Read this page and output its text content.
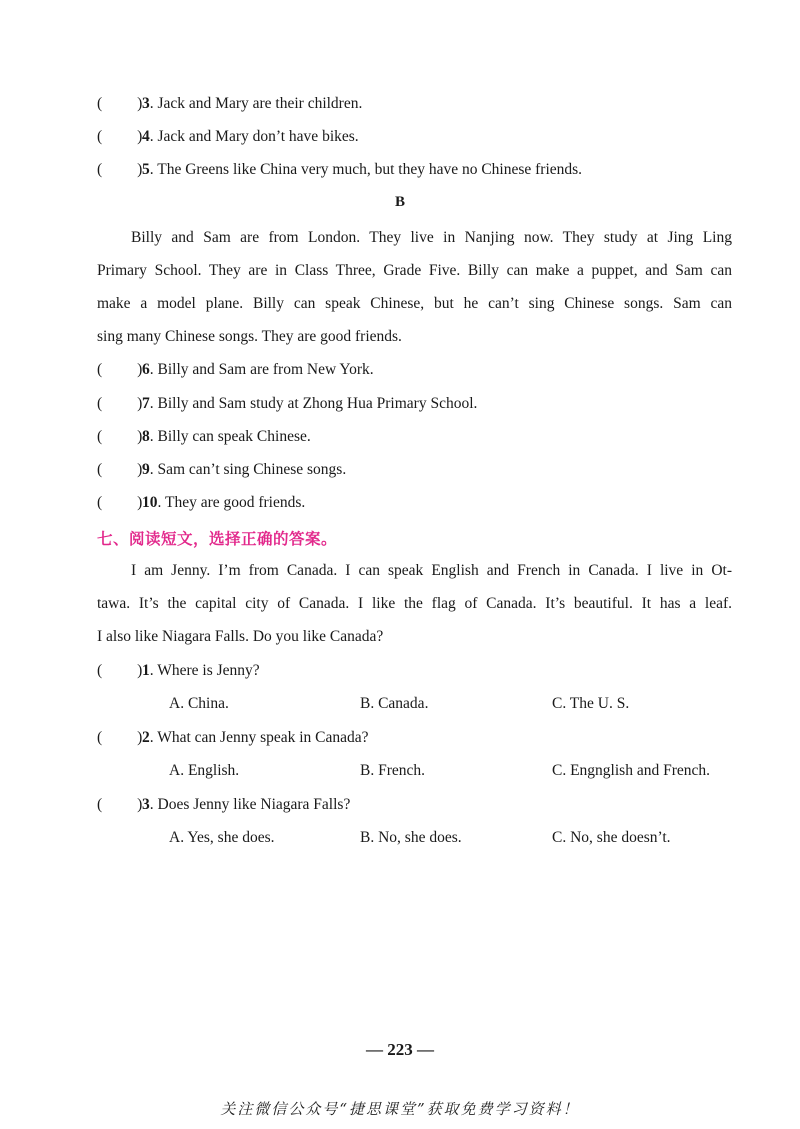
( ) 3 . Jack and Mary are their children.
( ) 4 . Jack and Mary don’t have bikes.
( ) 5 . The Greens like China very much, but they have no Chinese friends.
B
Billy and Sam are from London. They live in Nanjing now. They study at Jing Ling
Primary School. They are in Class Three, Grade Five. Billy can make a puppet, and Sam can
make a model plane. Billy can speak Chinese, but he can’t sing Chinese songs. Sam can
sing many Chinese songs. They are good friends.
( ) 6 . Billy and Sam are from New York.
( ) 7 . Billy and Sam study at Zhong Hua Primary School.
( ) 8 . Billy can speak Chinese.
( ) 9 . Sam can’t sing Chinese songs.
( ) 10 . They are good friends.
七、阅读短文，选择正确的答案。
I am Jenny. I’m from Canada. I can speak English and French in Canada. I live in Ot-
tawa. It’s the capital city of Canada. I like the flag of Canada. It’s beautiful. It has a leaf.
I also like Niagara Falls. Do you like Canada?
( ) 1 . Where is Jenny?
A. China.	B. Canada.	C. The U. S.
( ) 2 . What can Jenny speak in Canada?
A. English.	B. French.	C. Engnglish and French.
( ) 3 . Does Jenny like Niagara Falls?
A. Yes, she does.	B. No, she does.	C. No, she doesn’t.
— 223 —
关注微信公众号“捷思课堂”获取免费学习资料！
